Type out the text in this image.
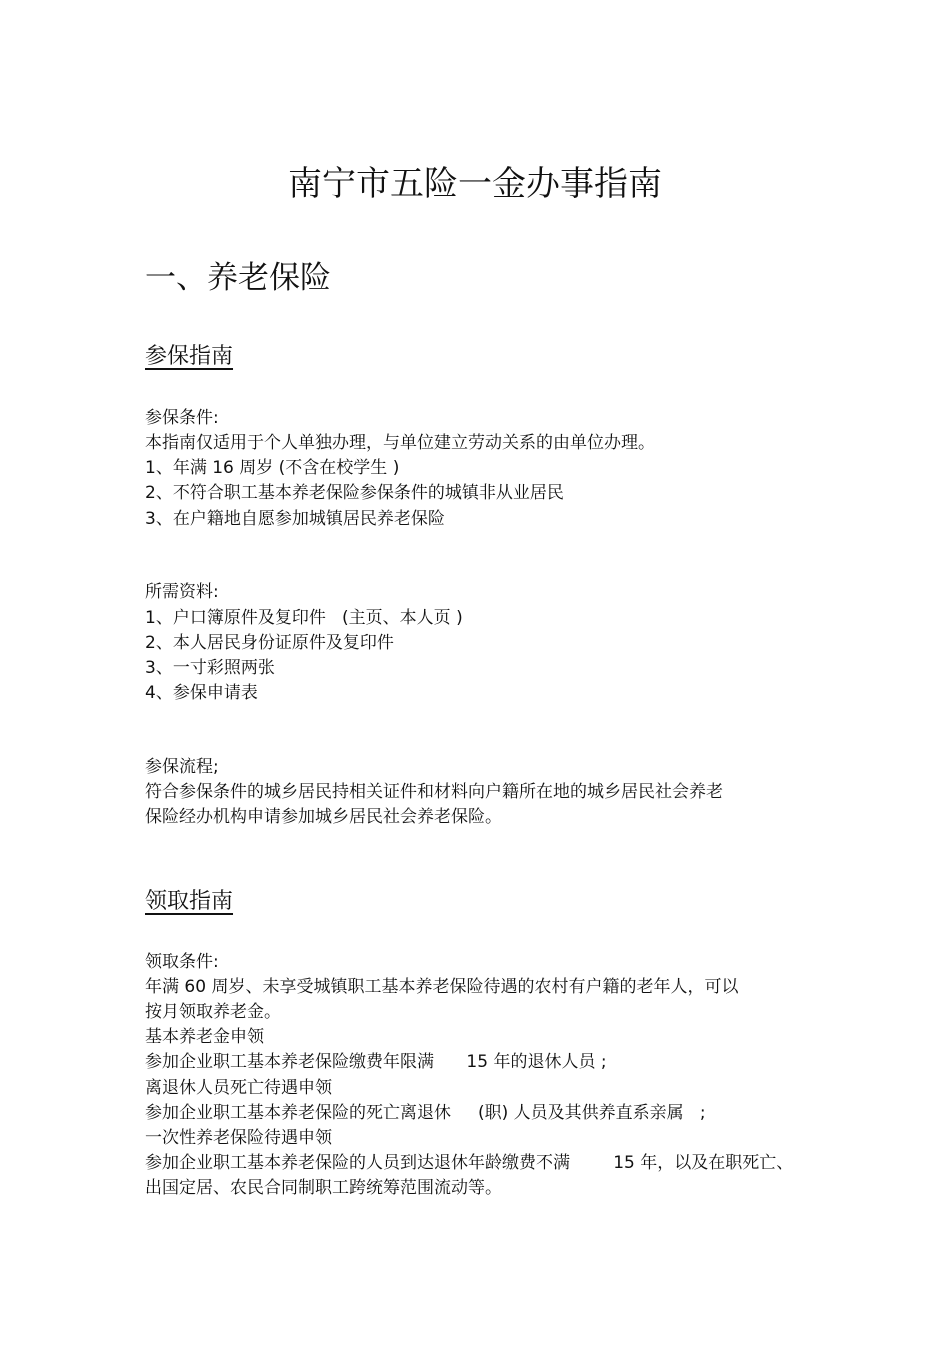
南宁市五险一金办事指南
一、养老保险
参保指南
参保条件:
本指南仅适用于个人单独办理，与单位建立劳动关系的由单位办理。
1、年满 16 周岁 (不含在校学生 )
2、不符合职工基本养老保险参保条件的城镇非从业居民
3、在户籍地自愿参加城镇居民养老保险
所需资料:
1、户口簿原件及复印件   (主页、本人页 )
2、本人居民身份证原件及复印件
3、一寸彩照两张
4、参保申请表
参保流程;
符合参保条件的城乡居民持相关证件和材料向户籍所在地的城乡居民社会养老
保险经办机构申请参加城乡居民社会养老保险。
领取指南
领取条件:
年满 60 周岁、未享受城镇职工基本养老保险待遇的农村有户籍的老年人，可以
按月领取养老金。
基本养老金申领
参加企业职工基本养老保险缴费年限满      15 年的退休人员 ;
离退休人员死亡待遇申领
参加企业职工基本养老保险的死亡离退休     (职) 人员及其供养直系亲属   ;
一次性养老保险待遇申领
参加企业职工基本养老保险的人员到达退休年龄缴费不满        15 年，以及在职死亡、
出国定居、农民合同制职工跨统筹范围流动等。
